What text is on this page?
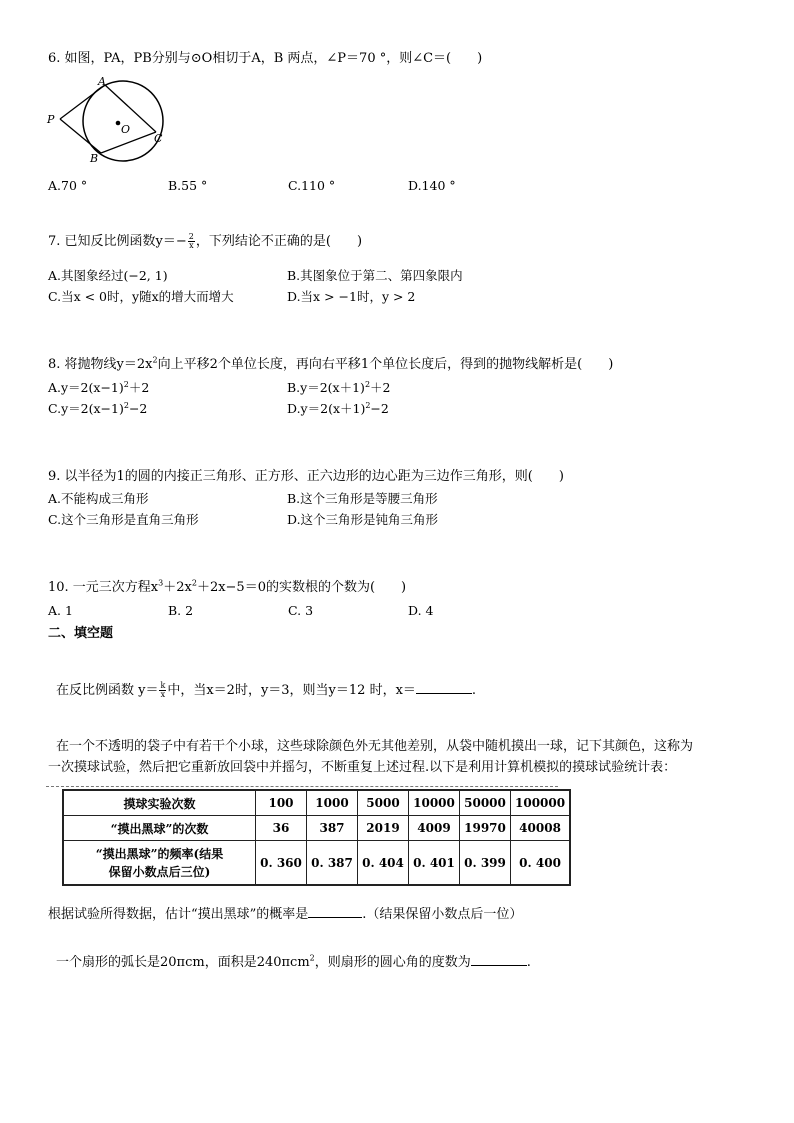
6. 如图，PA，PB分别与⊙O相切于A，B 两点，∠P＝70 °，则∠C＝(　　)
A
P
O
C
B
A.70 °	B.55 °	C.110 °	D.140 °
7. 已知反比例函数$y=- \frac{2}{x}$ ，下列结论不正确的是(　　)
A.其图象经过(−2, 1)	B.其图象位于第二、第四象限内
C.当x < 0时，y随x的增大而增大	D.当x > −1时，y > 2
8. 将抛物线$y=2x^2$向上平移2个单位长度，再向右平移1个单位长度后，得到的抛物线解析是(　　)
$A.y=2(x-1)^2+2$	$B.y=2(x+1)^2+2$
$C.y=2(x-1)^2-2$	$D.y=2(x+1)^2-2$
9. 以半径为1的圆的内接正三角形、正方形、正六边形的边心距为三边作三角形，则(　　)
A.不能构成三角形	B.这个三角形是等腰三角形
C.这个三角形是直角三角形	D.这个三角形是钝角三角形
10. 一元三次方程$x^3+2x^2+2x-5=0$的实数根的个数为(　　)
A. 1	B. 2	C. 3	D. 4
二、填空题
在反比例函数 $y= \frac{k}{x}$ 中，当x＝2时，y＝3，则当y＝12 时，x＝	.
在一个不透明的袋子中有若干个小球，这些球除颜色外无其他差别，从袋中随机摸出一球，记下其颜色，这称为
一次摸球试验，然后把它重新放回袋中并摇匀，不断重复上述过程.以下是利用计算机模拟的摸球试验统计表：
摸球实验次数	100	1000	5000	10000	50000	100000
“摸出黑球”的次数	36	387	2019	4009	19970	40008
“摸出黑球”的频率(结果
保留小数点后三位)	0. 360	0. 387	0. 404	0. 401	0. 399	0. 400
根据试验所得数据，估计“摸出黑球”的概率是	.（结果保留小数点后一位）
一个扇形的弧长是20πcm，面积是240πcm$^2$，则扇形的圆心角的度数为	.
